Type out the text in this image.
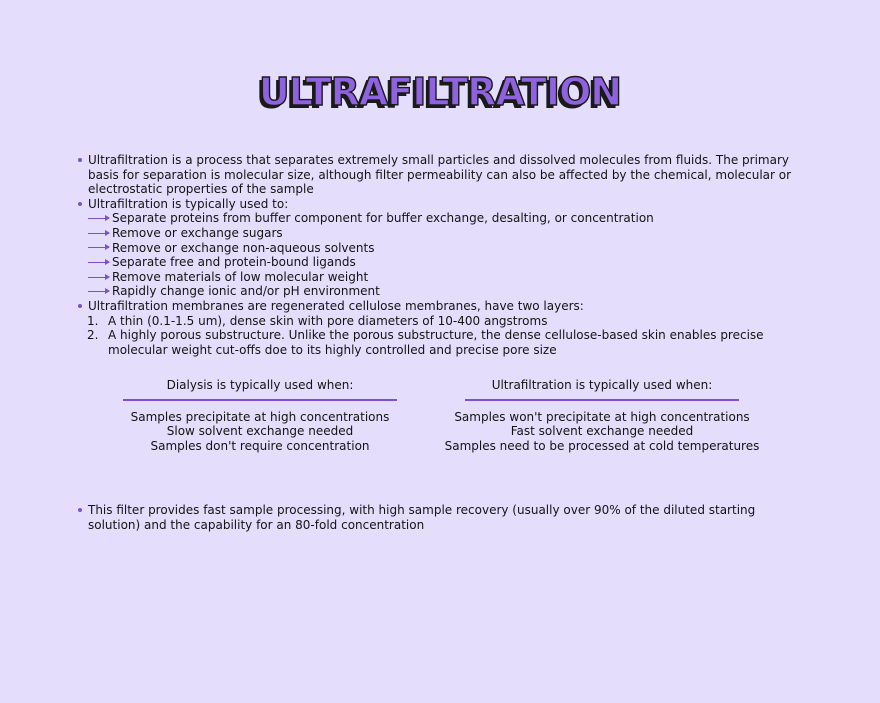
ULTRAFILTRATION
Ultrafiltration is a process that separates extremely small particles and dissolved molecules from fluids. The primary basis for separation is molecular size, although filter permeability can also be affected by the chemical, molecular or electrostatic properties of the sample
Ultrafiltration is typically used to:
Separate proteins from buffer component for buffer exchange, desalting, or concentration
Remove or exchange sugars
Remove or exchange non-aqueous solvents
Separate free and protein-bound ligands
Remove materials of low molecular weight
Rapidly change ionic and/or pH environment
Ultrafiltration membranes are regenerated cellulose membranes, have two layers:
1. A thin (0.1-1.5 um), dense skin with pore diameters of 10-400 angstroms
2. A highly porous substructure. Unlike the porous substructure, the dense cellulose-based skin enables precise molecular weight cut-offs doe to its highly controlled and precise pore size
Dialysis is typically used when:
Samples precipitate at high concentrations
Slow solvent exchange needed
Samples don't require concentration
Ultrafiltration is typically used when:
Samples won't precipitate at high concentrations
Fast solvent exchange needed
Samples need to be processed at cold temperatures
This filter provides fast sample processing, with high sample recovery (usually over 90% of the diluted starting solution) and the capability for an 80-fold concentration
